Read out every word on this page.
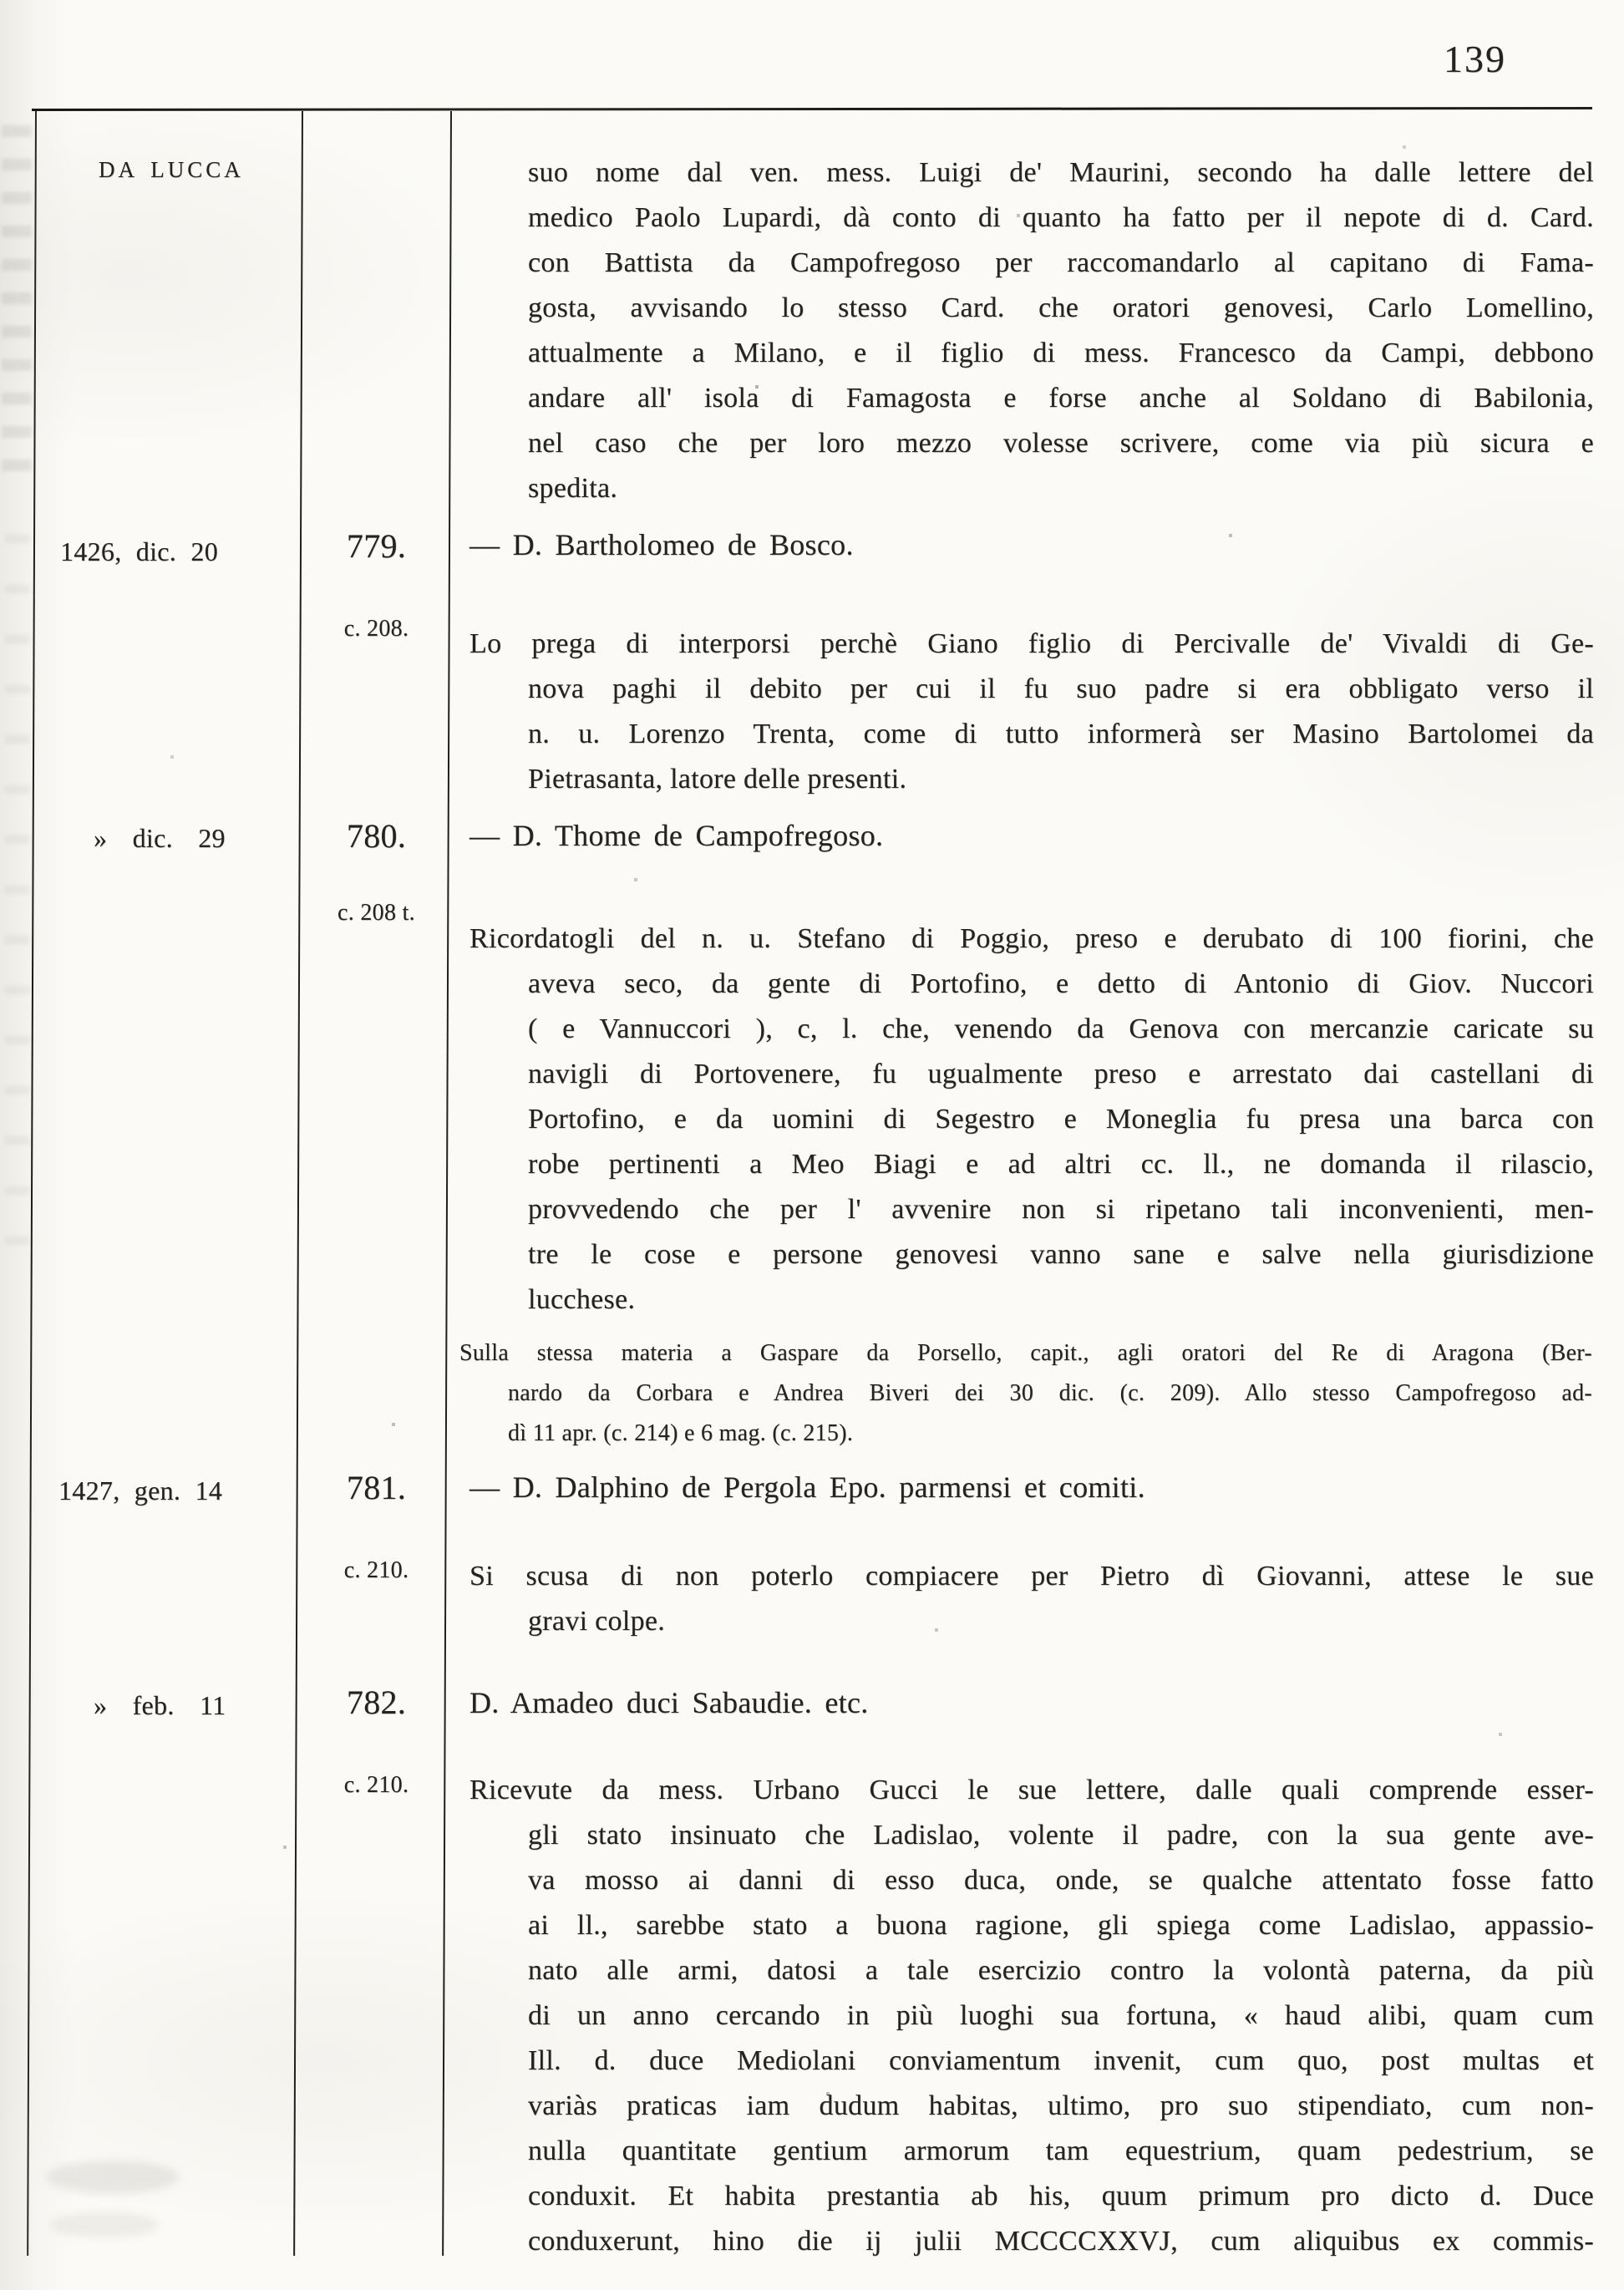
139
DA LUCCA
1426, dic. 20
» dic. 29
1427, gen. 14
» feb. 11
779.
780.
781.
782.
c. 208.
c. 208 t.
c. 210.
c. 210.
— D. Bartholomeo de Bosco.
— D. Thome de Campofregoso.
— D. Dalphino de Pergola Epo. parmensi et comiti.
D. Amadeo duci Sabaudie. etc.
suo nome dal ven. mess. Luigi de' Maurini, secondo ha dalle lettere del
medico Paolo Lupardi, dà conto di quanto ha fatto per il nepote di d. Card.
con Battista da Campofregoso per raccomandarlo al capitano di Fama-
gosta, avvisando lo stesso Card. che oratori genovesi, Carlo Lomellino,
attualmente a Milano, e il figlio di mess. Francesco da Campi, debbono
andare all' isola di Famagosta e forse anche al Soldano di Babilonia,
nel caso che per loro mezzo volesse scrivere, come via più sicura e
spedita.
Lo prega di interporsi perchè Giano figlio di Percivalle de' Vivaldi di Ge-
nova paghi il debito per cui il fu suo padre si era obbligato verso il
n. u. Lorenzo Trenta, come di tutto informerà ser Masino Bartolomei da
Pietrasanta, latore delle presenti.
Ricordatogli del n. u. Stefano di Poggio, preso e derubato di 100 fiorini, che
aveva seco, da gente di Portofino, e detto di Antonio di Giov. Nuccori
( e Vannuccori ), c, l. che, venendo da Genova con mercanzie caricate su
navigli di Portovenere, fu ugualmente preso e arrestato dai castellani di
Portofino, e da uomini di Segestro e Moneglia fu presa una barca con
robe pertinenti a Meo Biagi e ad altri cc. ll., ne domanda il rilascio,
provvedendo che per l' avvenire non si ripetano tali inconvenienti, men-
tre le cose e persone genovesi vanno sane e salve nella giurisdizione
lucchese.
Sulla stessa materia a Gaspare da Porsello, capit., agli oratori del Re di Aragona (Ber-
nardo da Corbara e Andrea Biveri dei 30 dic. (c. 209). Allo stesso Campofregoso ad-
dì 11 apr. (c. 214) e 6 mag. (c. 215).
Si scusa di non poterlo compiacere per Pietro dì Giovanni, attese le sue
gravi colpe.
Ricevute da mess. Urbano Gucci le sue lettere, dalle quali comprende esser-
gli stato insinuato che Ladislao, volente il padre, con la sua gente ave-
va mosso ai danni di esso duca, onde, se qualche attentato fosse fatto
ai ll., sarebbe stato a buona ragione, gli spiega come Ladislao, appassio-
nato alle armi, datosi a tale esercizio contro la volontà paterna, da più
di un anno cercando in più luoghi sua fortuna, « haud alibi, quam cum
Ill. d. duce Mediolani conviamentum invenit, cum quo, post multas et
variàs praticas iam dudum habitas, ultimo, pro suo stipendiato, cum non-
nulla quantitate gentium armorum tam equestrium, quam pedestrium, se
conduxit. Et habita prestantia ab his, quum primum pro dicto d. Duce
conduxerunt, hino die ij julii MCCCCXXVJ, cum aliquibus ex commis-
